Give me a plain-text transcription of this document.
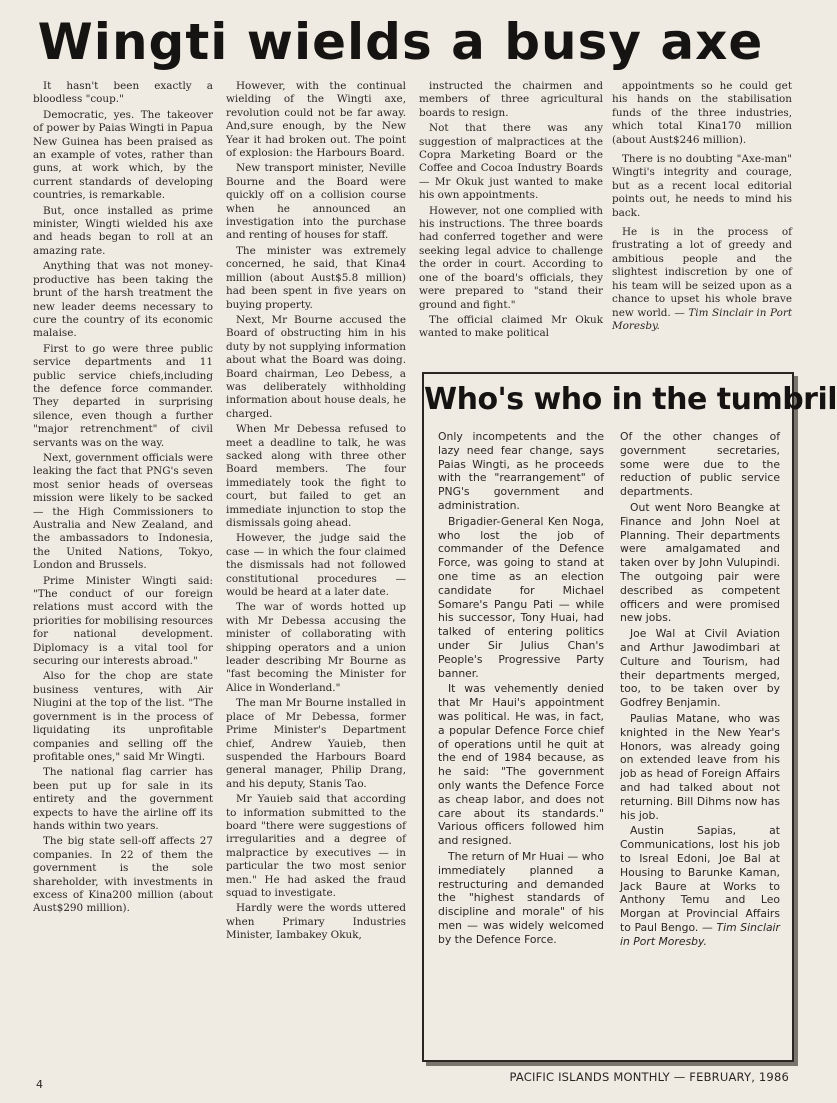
Wingti wields a busy axe

It hasn't been exactly a bloodless "coup."

Democratic, yes. The takeover of power by Paias Wingti in Papua New Guinea has been praised as an example of votes, rather than guns, at work which, by the current standards of developing countries, is remarkable.

But, once installed as prime minister, Wingti wielded his axe and heads began to roll at an amazing rate.

Anything that was not money-productive has been taking the brunt of the harsh treatment the new leader deems necessary to cure the country of its economic malaise.

First to go were three public service departments and 11 public service chiefs,including the defence force commander. They departed in surprising silence, even though a further "major retrenchment" of civil servants was on the way.

Next, government officials were leaking the fact that PNG's seven most senior heads of overseas mission were likely to be sacked — the High Commissioners to Australia and New Zealand, and the ambassadors to Indonesia, the United Nations, Tokyo, London and Brussels.

Prime Minister Wingti said: "The conduct of our foreign relations must accord with the priorities for mobilising resources for national development. Diplomacy is a vital tool for securing our interests abroad."

Also for the chop are state business ventures, with Air Niugini at the top of the list. "The government is in the process of liquidating its unprofitable companies and selling off the profitable ones," said Mr Wingti.

The national flag carrier has been put up for sale in its entirety and the government expects to have the airline off its hands within two years.

The big state sell-off affects 27 companies. In 22 of them the government is the sole shareholder, with investments in excess of Kina200 million (about Aust$290 million).

However, with the continual wielding of the Wingti axe, revolution could not be far away. And,sure enough, by the New Year it had broken out. The point of explosion: the Harbours Board.

New transport minister, Neville Bourne and the Board were quickly off on a collision course when he announced an investigation into the purchase and renting of houses for staff.

The minister was extremely concerned, he said, that Kina4 million (about Aust$5.8 million) had been spent in five years on buying property.

Next, Mr Bourne accused the Board of obstructing him in his duty by not supplying information about what the Board was doing. Board chairman, Leo Debess, a was deliberately withholding information about house deals, he charged.

When Mr Debessa refused to meet a deadline to talk, he was sacked along with three other Board members. The four immediately took the fight to court, but failed to get an immediate injunction to stop the dismissals going ahead.

However, the judge said the case — in which the four claimed the dismissals had not followed constitutional procedures — would be heard at a later date.

The war of words hotted up with Mr Debessa accusing the minister of collaborating with shipping operators and a union leader describing Mr Bourne as "fast becoming the Minister for Alice in Wonderland."

The man Mr Bourne installed in place of Mr Debessa, former Prime Minister's Department chief, Andrew Yauieb, then suspended the Harbours Board general manager, Philip Drang, and his deputy, Stanis Tao.

Mr Yauieb said that according to information submitted to the board "there were suggestions of irregularities and a degree of malpractice by executives — in particular the two most senior men." He had asked the fraud squad to investigate.

Hardly were the words uttered when Primary Industries Minister, Iambakey Okuk,

instructed the chairmen and members of three agricultural boards to resign.

Not that there was any suggestion of malpractices at the Copra Marketing Board or the Coffee and Cocoa Industry Boards — Mr Okuk just wanted to make his own appointments.

However, not one complied with his instructions. The three boards had conferred together and were seeking legal advice to challenge the order in court. According to one of the board's officials, they were prepared to "stand their ground and fight."

The official claimed Mr Okuk wanted to make political

appointments so he could get his hands on the stabilisation funds of the three industries, which total Kina170 million (about Aust$246 million).

There is no doubting "Axe-man" Wingti's integrity and courage, but as a recent local editorial points out, he needs to mind his back.

He is in the process of frustrating a lot of greedy and ambitious people and the slightest indiscretion by one of his team will be seized upon as a chance to upset his whole brave new world. — Tim Sinclair in Port Moresby.

Who's who in the tumbril

Only incompetents and the lazy need fear change, says Paias Wingti, as he proceeds with the "rearrangement" of PNG's government and administration.

Brigadier-General Ken Noga, who lost the job of commander of the Defence Force, was going to stand at one time as an election candidate for Michael Somare's Pangu Pati — while his successor, Tony Huai, had talked of entering politics under Sir Julius Chan's People's Progressive Party banner.

It was vehemently denied that Mr Haui's appointment was political. He was, in fact, a popular Defence Force chief of operations until he quit at the end of 1984 because, as he said: "The government only wants the Defence Force as cheap labor, and does not care about its standards." Various officers followed him and resigned.

The return of Mr Huai — who immediately planned a restructuring and demanded the "highest standards of discipline and morale" of his men — was widely welcomed by the Defence Force.

Of the other changes of government secretaries, some were due to the reduction of public service departments.

Out went Noro Beangke at Finance and John Noel at Planning. Their departments were amalgamated and taken over by John Vulupindi. The outgoing pair were described as competent officers and were promised new jobs.

Joe Wal at Civil Aviation and Arthur Jawodimbari at Culture and Tourism, had their departments merged, too, to be taken over by Godfrey Benjamin.

Paulias Matane, who was knighted in the New Year's Honors, was already going on extended leave from his job as head of Foreign Affairs and had talked about not returning. Bill Dihms now has his job.

Austin Sapias, at Communications, lost his job to Isreal Edoni, Joe Bal at Housing to Barunke Kaman, Jack Baure at Works to Anthony Temu and Leo Morgan at Provincial Affairs to Paul Bengo. — Tim Sinclair in Port Moresby.

4
PACIFIC ISLANDS MONTHLY — FEBRUARY, 1986
